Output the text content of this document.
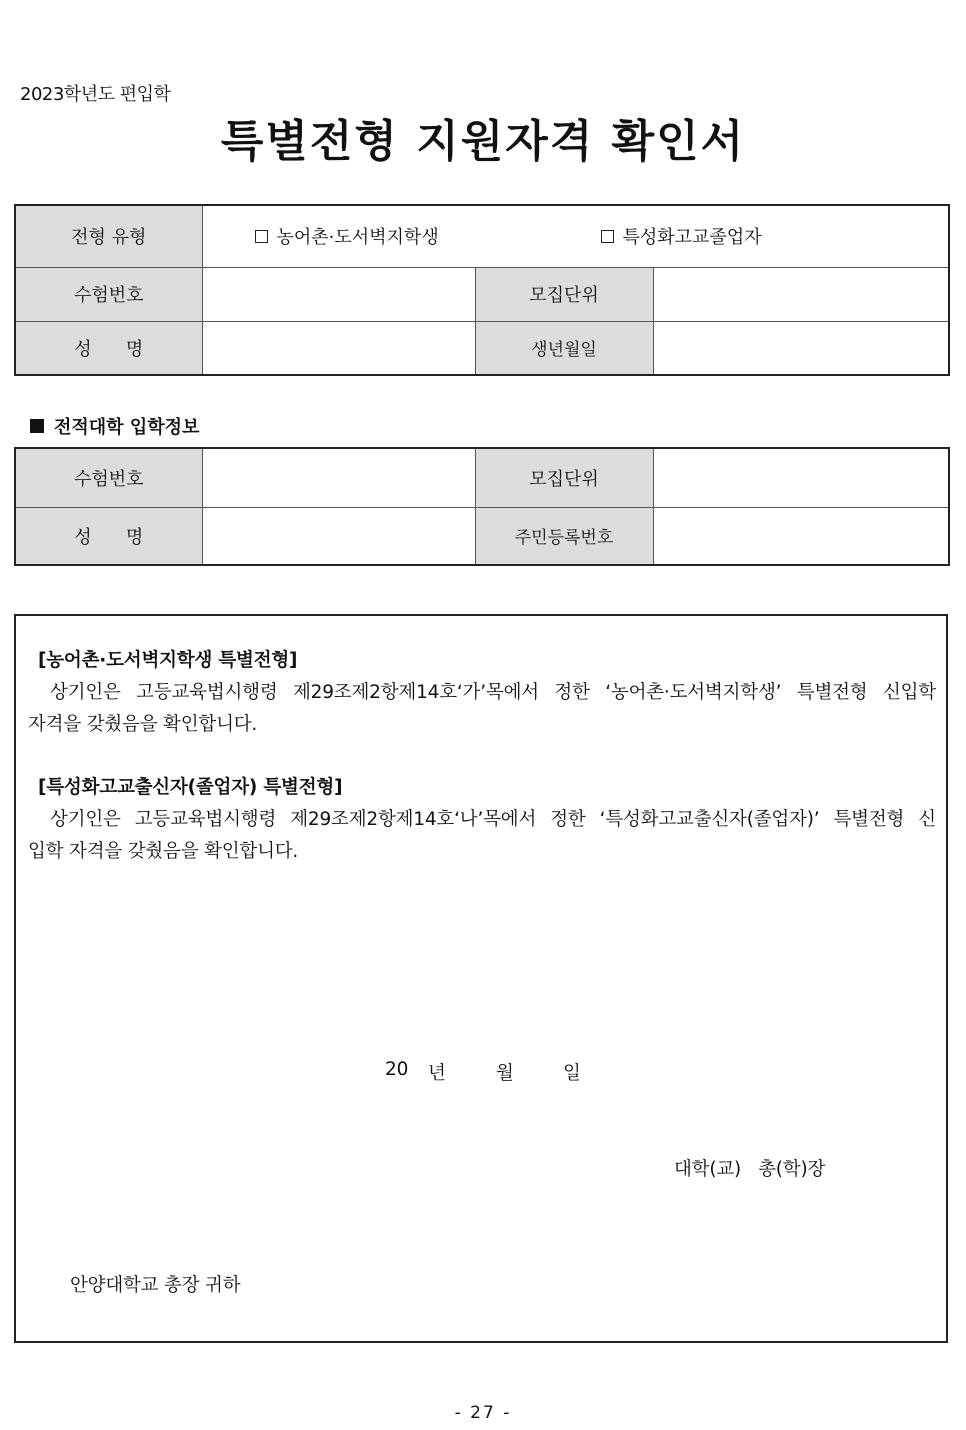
2023학년도 편입학
특별전형 지원자격 확인서
전형 유형	농어촌·도서벽지학생 특성화고교졸업자		

수험번호		모집단위	
성      명		생년월일	
전적대학 입학정보
수험번호		모집단위	
성      명		주민등록번호	
[농어촌·도서벽지학생 특별전형]
상기인은 고등교육법시행령 제29조제2항제14호‘가’목에서 정한 ‘농어촌·도서벽지학생’ 특별전형 신입학
자격을 갖췄음을 확인합니다.
[특성화고교출신자(졸업자) 특별전형]
상기인은 고등교육법시행령 제29조제2항제14호‘나’목에서 정한 ‘특성화고교출신자(졸업자)’ 특별전형 신
입학 자격을 갖췄음을 확인합니다.
20 년	월	일
대학(교)   총(학)장
안양대학교 총장 귀하
- 27 -
